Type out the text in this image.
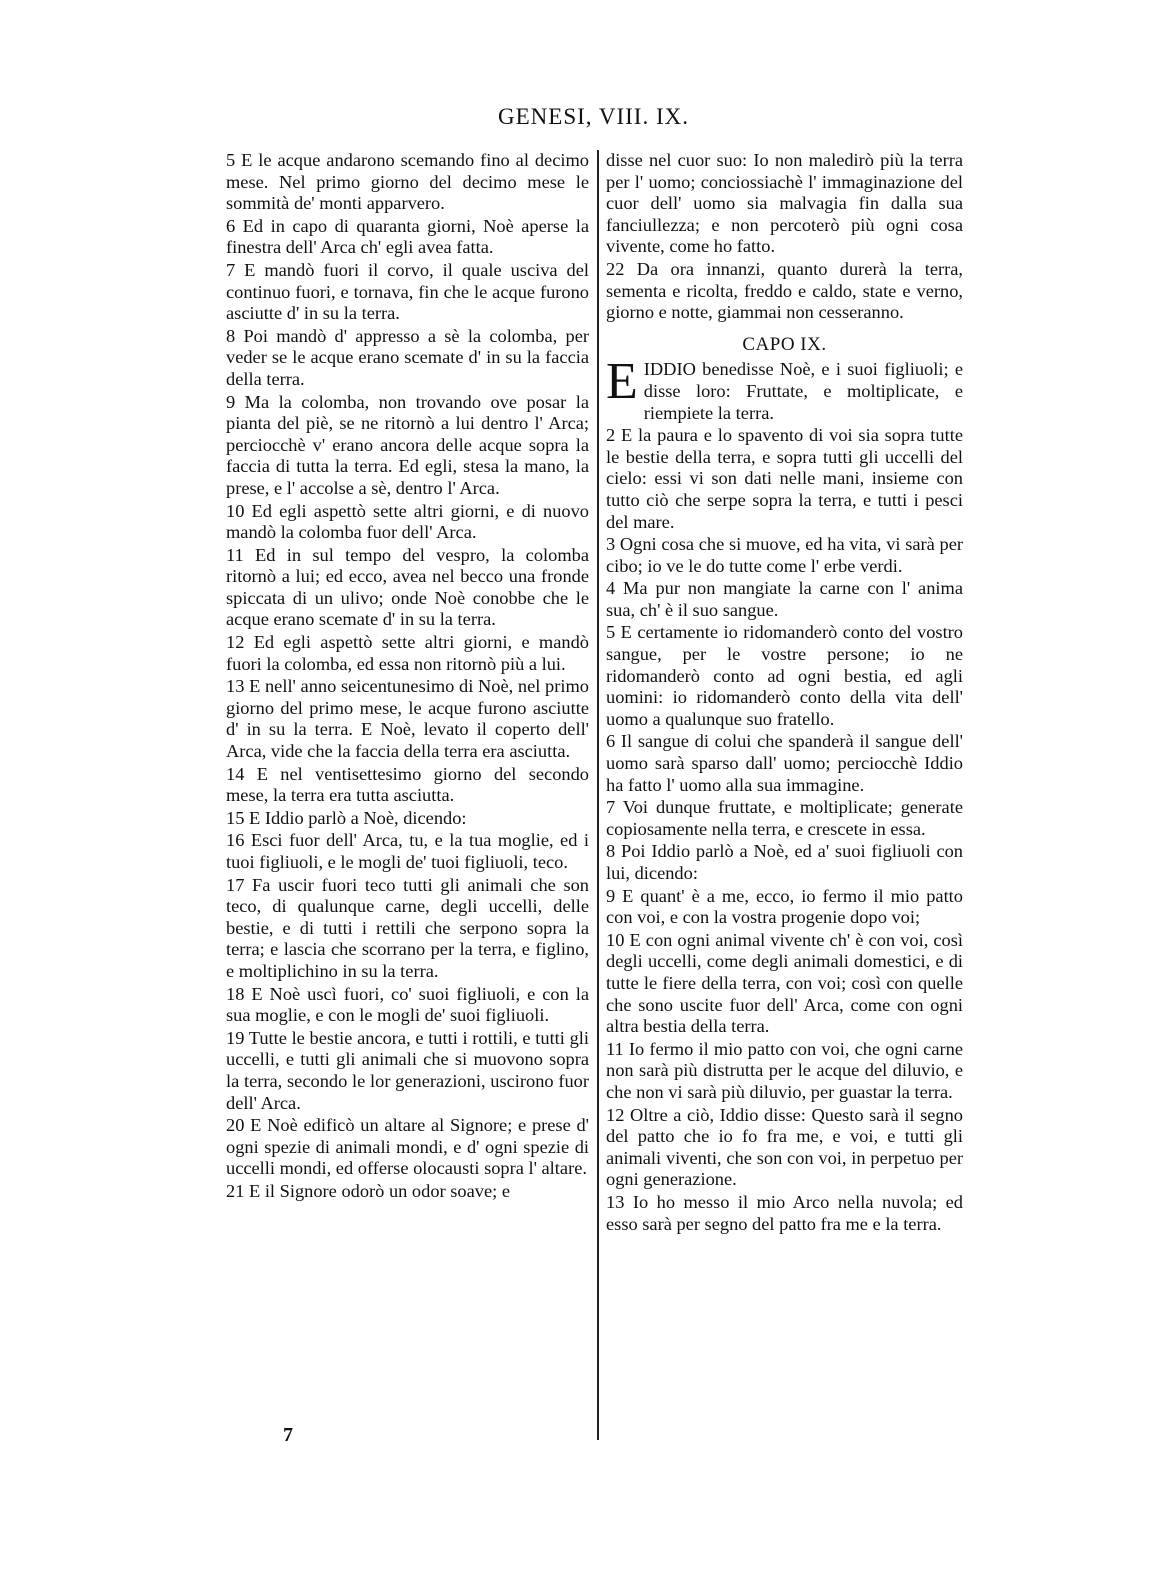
GENESI, VIII. IX.

5 E le acque andarono scemando fino al decimo mese. Nel primo giorno del decimo mese le sommità de' monti apparvero.

6 Ed in capo di quaranta giorni, Noè aperse la finestra dell' Arca ch' egli avea fatta.

7 E mandò fuori il corvo, il quale usciva del continuo fuori, e tornava, fin che le acque furono asciutte d' in su la terra.

8 Poi mandò d' appresso a sè la colomba, per veder se le acque erano scemate d' in su la faccia della terra.

9 Ma la colomba, non trovando ove posar la pianta del piè, se ne ritornò a lui dentro l' Arca; perciocchè v' erano ancora delle acque sopra la faccia di tutta la terra. Ed egli, stesa la mano, la prese, e l' accolse a sè, dentro l' Arca.

10 Ed egli aspettò sette altri giorni, e di nuovo mandò la colomba fuor dell' Arca.

11 Ed in sul tempo del vespro, la colomba ritornò a lui; ed ecco, avea nel becco una fronde spiccata di un ulivo; onde Noè conobbe che le acque erano scemate d' in su la terra.

12 Ed egli aspettò sette altri giorni, e mandò fuori la colomba, ed essa non ritornò più a lui.

13 E nell' anno seicentunesimo di Noè, nel primo giorno del primo mese, le acque furono asciutte d' in su la terra. E Noè, levato il coperto dell' Arca, vide che la faccia della terra era asciutta.

14 E nel ventisettesimo giorno del secondo mese, la terra era tutta asciutta.

15 E Iddio parlò a Noè, dicendo:

16 Esci fuor dell' Arca, tu, e la tua moglie, ed i tuoi figliuoli, e le mogli de' tuoi figliuoli, teco.

17 Fa uscir fuori teco tutti gli animali che son teco, di qualunque carne, degli uccelli, delle bestie, e di tutti i rettili che serpono sopra la terra; e lascia che scorrano per la terra, e figlino, e moltiplichino in su la terra.

18 E Noè uscì fuori, co' suoi figliuoli, e con la sua moglie, e con le mogli de' suoi figliuoli.

19 Tutte le bestie ancora, e tutti i rottili, e tutti gli uccelli, e tutti gli animali che si muovono sopra la terra, secondo le lor generazioni, uscirono fuor dell' Arca.

20 E Noè edificò un altare al Signore; e prese d' ogni spezie di animali mondi, e d' ogni spezie di uccelli mondi, ed offerse olocausti sopra l' altare.

21 E il Signore odorò un odor soave; e

disse nel cuor suo: Io non maledirò più la terra per l' uomo; conciossiachè l' immaginazione del cuor dell' uomo sia malvagia fin dalla sua fanciullezza; e non percoterò più ogni cosa vivente, come ho fatto.

22 Da ora innanzi, quanto durerà la terra, sementa e ricolta, freddo e caldo, state e verno, giorno e notte, giammai non cesseranno.

CAPO IX.

EIDDIO benedisse Noè, e i suoi figliuoli; e disse loro: Fruttate, e moltiplicate, e riempiete la terra.

2 E la paura e lo spavento di voi sia sopra tutte le bestie della terra, e sopra tutti gli uccelli del cielo: essi vi son dati nelle mani, insieme con tutto ciò che serpe sopra la terra, e tutti i pesci del mare.

3 Ogni cosa che si muove, ed ha vita, vi sarà per cibo; io ve le do tutte come l' erbe verdi.

4 Ma pur non mangiate la carne con l' anima sua, ch' è il suo sangue.

5 E certamente io ridomanderò conto del vostro sangue, per le vostre persone; io ne ridomanderò conto ad ogni bestia, ed agli uomini: io ridomanderò conto della vita dell' uomo a qualunque suo fratello.

6 Il sangue di colui che spanderà il sangue dell' uomo sarà sparso dall' uomo; perciocchè Iddio ha fatto l' uomo alla sua immagine.

7 Voi dunque fruttate, e moltiplicate; generate copiosamente nella terra, e crescete in essa.

8 Poi Iddio parlò a Noè, ed a' suoi figliuoli con lui, dicendo:

9 E quant' è a me, ecco, io fermo il mio patto con voi, e con la vostra progenie dopo voi;

10 E con ogni animal vivente ch' è con voi, così degli uccelli, come degli animali domestici, e di tutte le fiere della terra, con voi; così con quelle che sono uscite fuor dell' Arca, come con ogni altra bestia della terra.

11 Io fermo il mio patto con voi, che ogni carne non sarà più distrutta per le acque del diluvio, e che non vi sarà più diluvio, per guastar la terra.

12 Oltre a ciò, Iddio disse: Questo sarà il segno del patto che io fo fra me, e voi, e tutti gli animali viventi, che son con voi, in perpetuo per ogni generazione.

13 Io ho messo il mio Arco nella nuvola; ed esso sarà per segno del patto fra me e la terra.

7
